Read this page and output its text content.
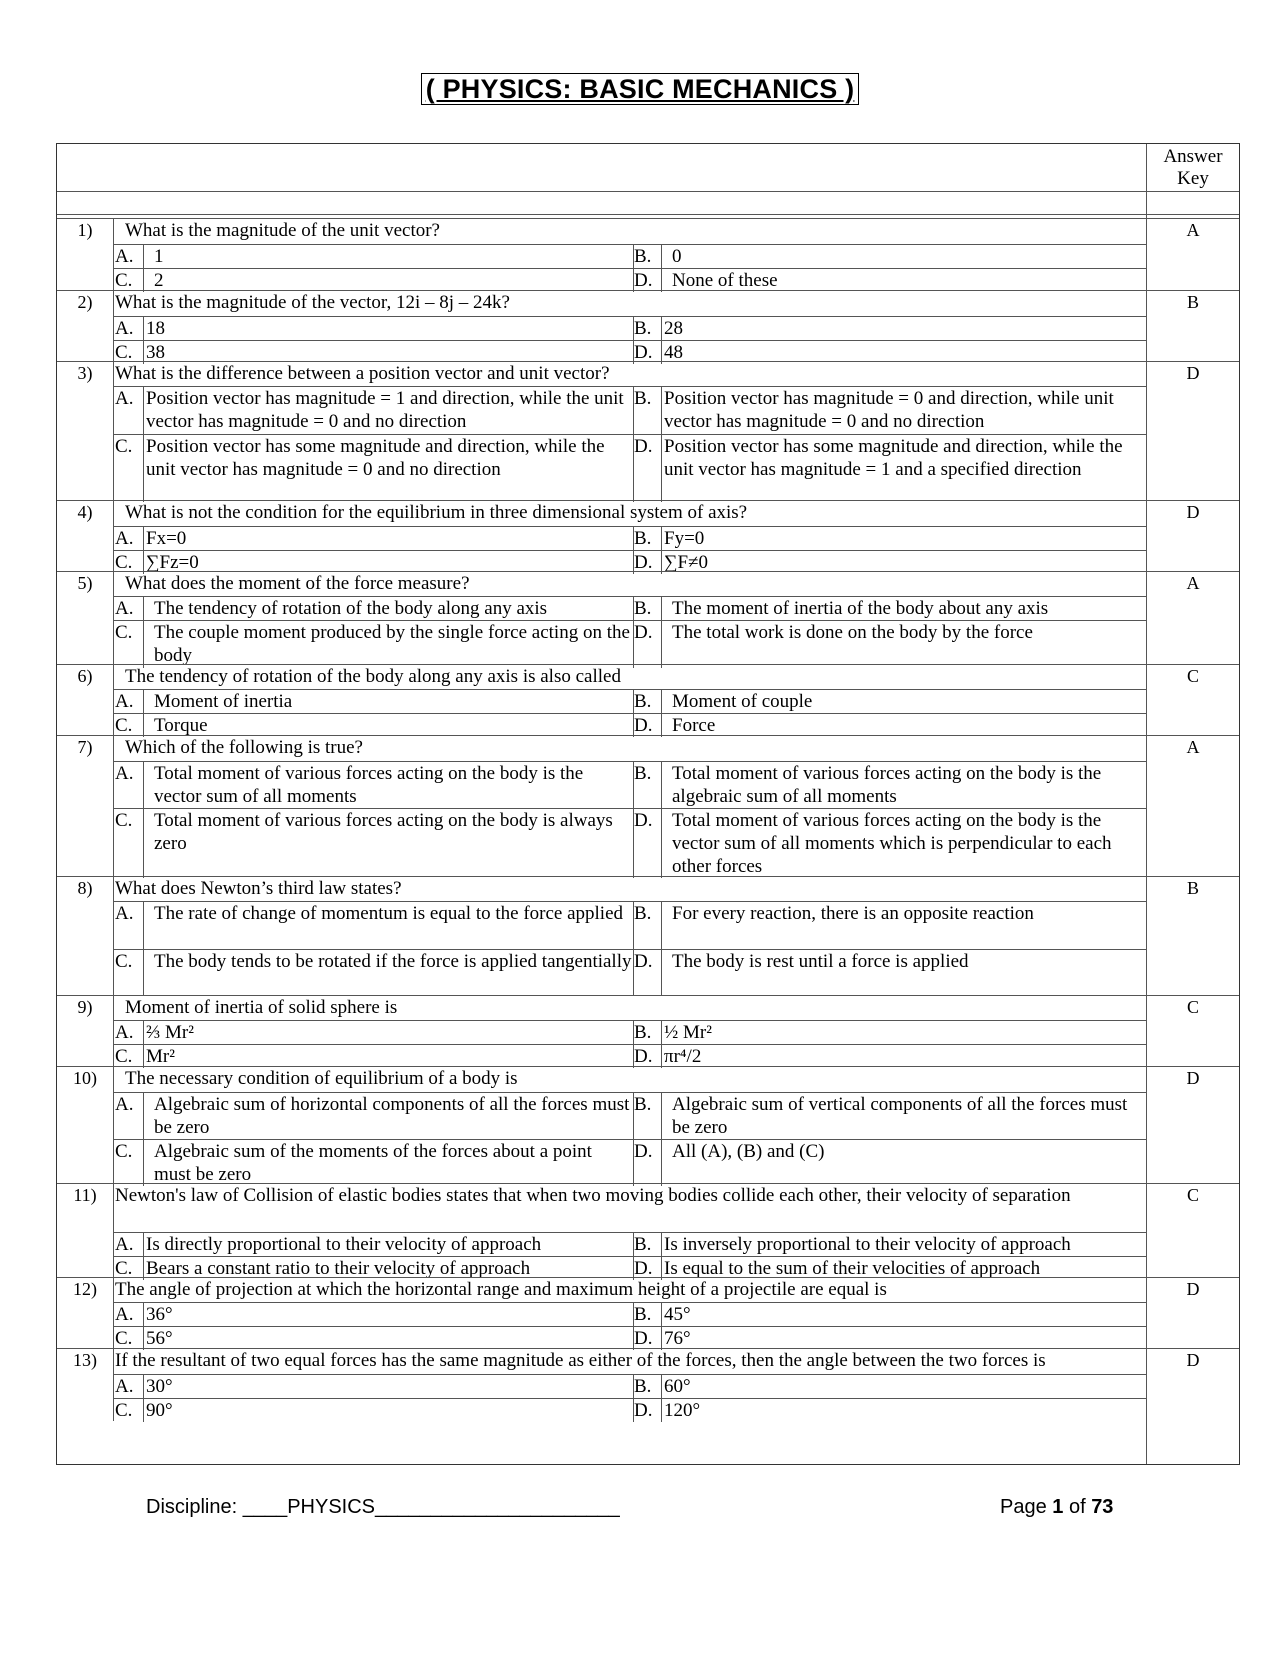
( PHYSICS: BASIC MECHANICS )
Answer Key
1)	What is the magnitude of the unit vector?	A
A.	1	B.	0
C.	2	D.	None of these
2)	What is the magnitude of the vector, 12i – 8j – 24k?	B
A. 18	B. 28
C. 38	D. 48
3)	What is the difference between a position vector and unit vector?	D
A. Position vector has magnitude = 1 and direction, while the unit vector has magnitude = 0 and no direction
B. Position vector has magnitude = 0 and direction, while unit vector has magnitude = 0 and no direction
C. Position vector has some magnitude and direction, while the unit vector has magnitude = 0 and no direction
D. Position vector has some magnitude and direction, while the unit vector has magnitude = 1 and a specified direction
4)	What is not the condition for the equilibrium in three dimensional system of axis?	D
A. Fx=0	B. Fy=0
C. ∑Fz=0	D. ∑F≠0
5)	What does the moment of the force measure?	A
A.	The tendency of rotation of the body along any axis	B.	The moment of inertia of the body about any axis
C.	The couple moment produced by the single force acting on the body
D.	The total work is done on the body by the force
6)	The tendency of rotation of the body along any axis is also called	C
A.	Moment of inertia	B.	Moment of couple
C.	Torque	D.	Force
7)	Which of the following is true?	A
A.	Total moment of various forces acting on the body is the vector sum of all moments
B.	Total moment of various forces acting on the body is the algebraic sum of all moments
C.	Total moment of various forces acting on the body is always zero
D.	Total moment of various forces acting on the body is the vector sum of all moments which is perpendicular to each other forces
8)	What does Newton’s third law states?	B
A.	The rate of change of momentum is equal to the force applied B.	For every reaction, there is an opposite reaction
C.	The body tends to be rotated if the force is applied tangentially D.	The body is rest until a force is applied
9)	Moment of inertia of solid sphere is	C
A. ⅔ Mr²	B. ½ Mr²
C. Mr²	D. πr⁴/2
10)	The necessary condition of equilibrium of a body is	D
A.	Algebraic sum of horizontal components of all the forces must be zero
B.	Algebraic sum of vertical components of all the forces must be zero
C.	Algebraic sum of the moments of the forces about a point must be zero
D.	All (A), (B) and (C)
11) Newton's law of Collision of elastic bodies states that when two moving bodies collide each other, their velocity of separation	C
A. Is directly proportional to their velocity of approach	B. Is inversely proportional to their velocity of approach
C. Bears a constant ratio to their velocity of approach	D. Is equal to the sum of their velocities of approach
12) The angle of projection at which the horizontal range and maximum height of a projectile are equal is	D
A. 36°	B. 45°
C. 56°	D. 76°
13) If the resultant of two equal forces has the same magnitude as either of the forces, then the angle between the two forces is	D
A. 30°	B. 60°
C. 90°	D. 120°
Discipline: ____PHYSICS______________________	Page 1 of 73
